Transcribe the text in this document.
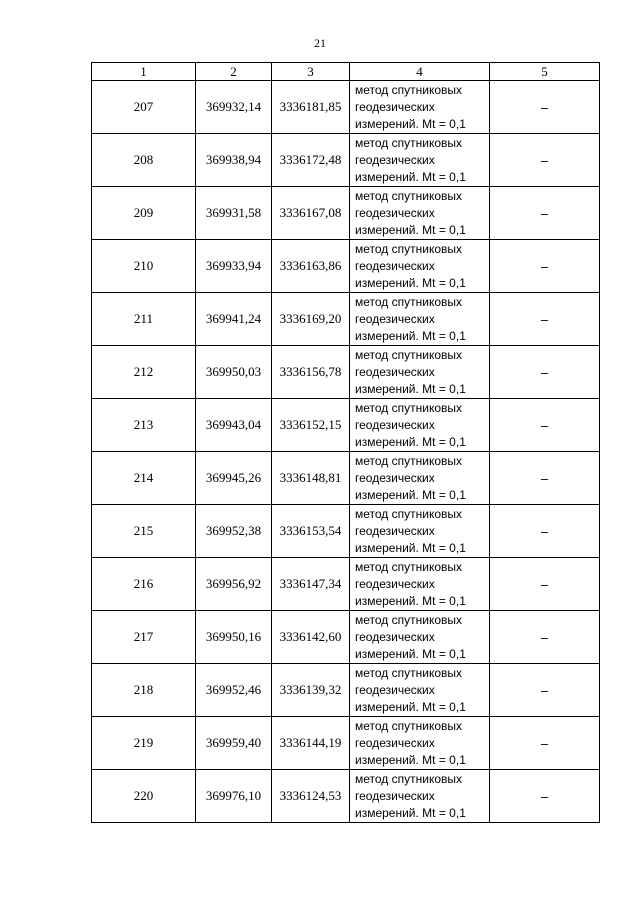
21
1	2	3	4	5
207	369932,14	3336181,85	метод спутниковых
геодезических
измерений. Mt = 0,1	–
208	369938,94	3336172,48	метод спутниковых
геодезических
измерений. Mt = 0,1	–
209	369931,58	3336167,08	метод спутниковых
геодезических
измерений. Mt = 0,1	–
210	369933,94	3336163,86	метод спутниковых
геодезических
измерений. Mt = 0,1	–
211	369941,24	3336169,20	метод спутниковых
геодезических
измерений. Mt = 0,1	–
212	369950,03	3336156,78	метод спутниковых
геодезических
измерений. Mt = 0,1	–
213	369943,04	3336152,15	метод спутниковых
геодезических
измерений. Mt = 0,1	–
214	369945,26	3336148,81	метод спутниковых
геодезических
измерений. Mt = 0,1	–
215	369952,38	3336153,54	метод спутниковых
геодезических
измерений. Mt = 0,1	–
216	369956,92	3336147,34	метод спутниковых
геодезических
измерений. Mt = 0,1	–
217	369950,16	3336142,60	метод спутниковых
геодезических
измерений. Mt = 0,1	–
218	369952,46	3336139,32	метод спутниковых
геодезических
измерений. Mt = 0,1	–
219	369959,40	3336144,19	метод спутниковых
геодезических
измерений. Mt = 0,1	–
220	369976,10	3336124,53	метод спутниковых
геодезических
измерений. Mt = 0,1	–
